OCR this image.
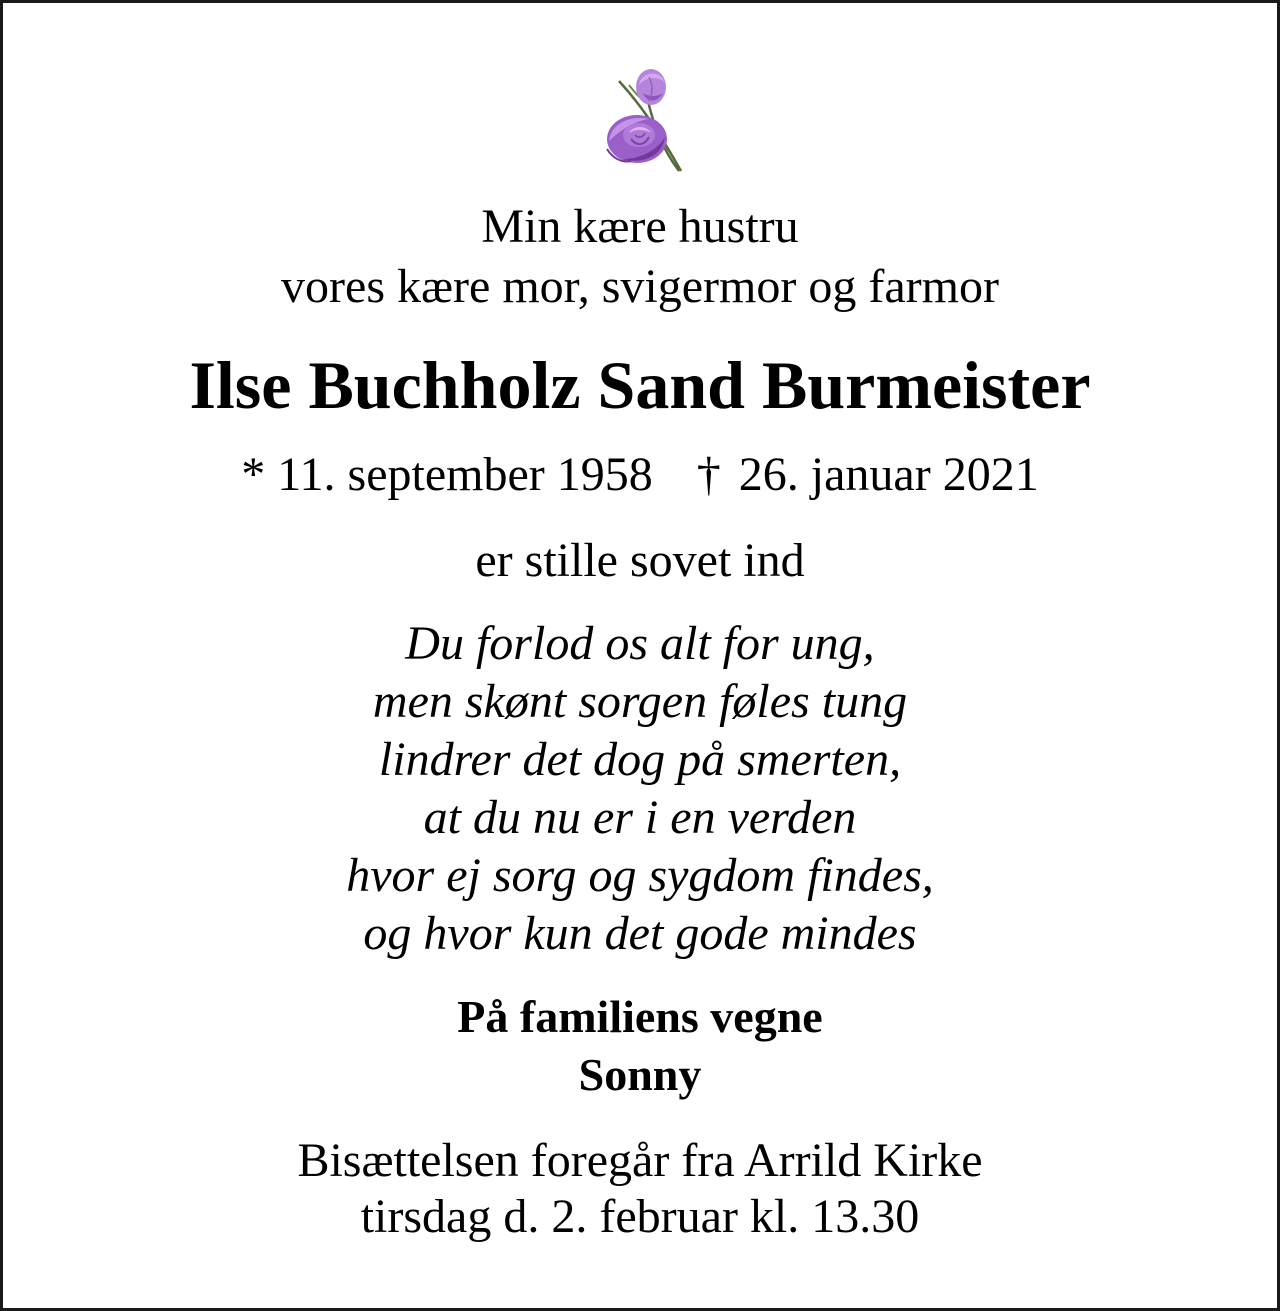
Min kære hustru
vores kære mor, svigermor og farmor
Ilse Buchholz Sand Burmeister
* 11. september 1958 † 26. januar 2021
er stille sovet ind
Du forlod os alt for ung,
men skønt sorgen føles tung
lindrer det dog på smerten,
at du nu er i en verden
hvor ej sorg og sygdom findes,
og hvor kun det gode mindes
På familiens vegne
Sonny
Bisættelsen foregår fra Arrild Kirke
tirsdag d. 2. februar kl. 13.30
